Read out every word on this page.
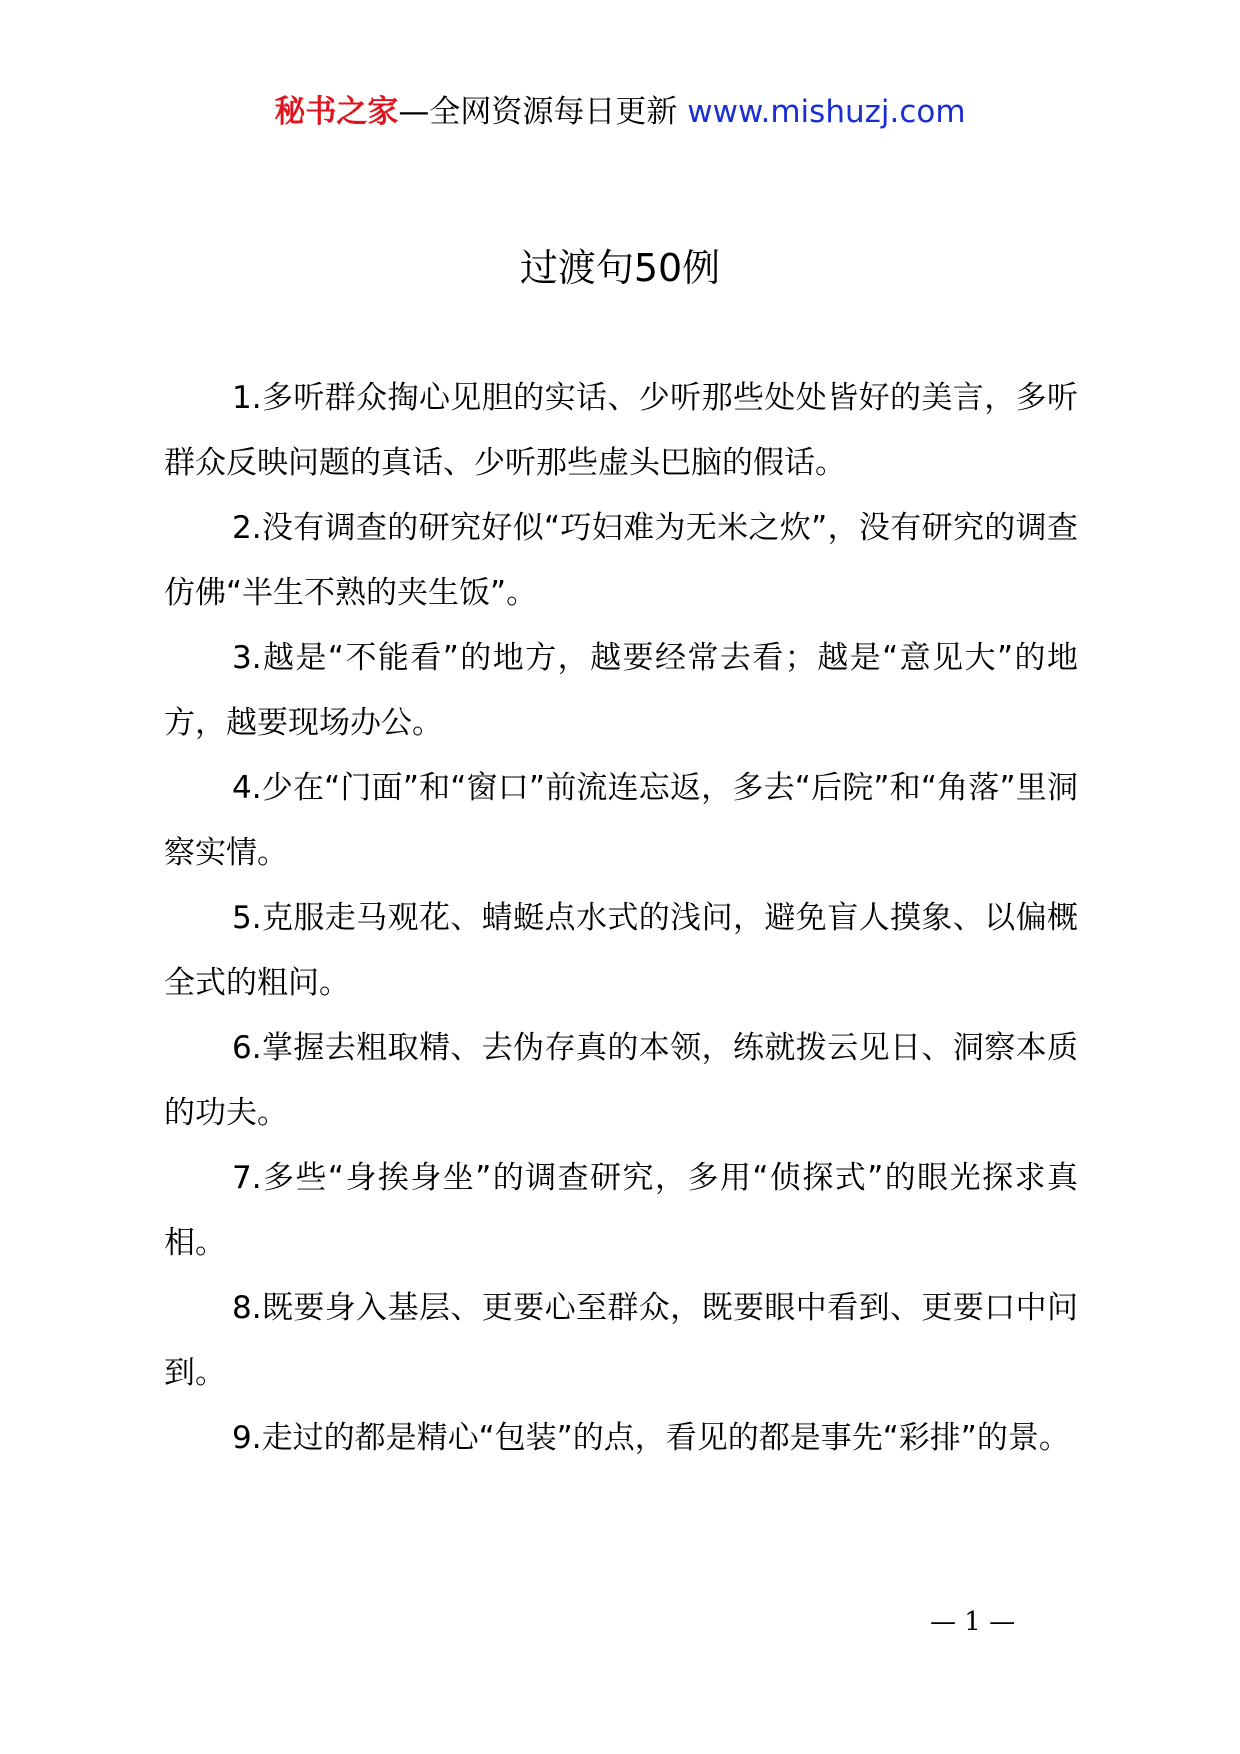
秘书之家—全网资源每日更新 www.mishuzj.com
过渡句50例

1.多听群众掏心见胆的实话、少听那些处处皆好的美言，多听群众反映问题的真话、少听那些虚头巴脑的假话。

2.没有调查的研究好似“巧妇难为无米之炊”，没有研究的调查仿佛“半生不熟的夹生饭”。

3.越是“不能看”的地方，越要经常去看；越是“意见大”的地方，越要现场办公。

4.少在“门面”和“窗口”前流连忘返，多去“后院”和“角落”里洞察实情。

5.克服走马观花、蜻蜓点水式的浅问，避免盲人摸象、以偏概全式的粗问。

6.掌握去粗取精、去伪存真的本领，练就拨云见日、洞察本质的功夫。

7.多些“身挨身坐”的调查研究，多用“侦探式”的眼光探求真相。

8.既要身入基层、更要心至群众，既要眼中看到、更要口中问到。

9.走过的都是精心“包装”的点，看见的都是事先“彩排”的景。

— 1 —
